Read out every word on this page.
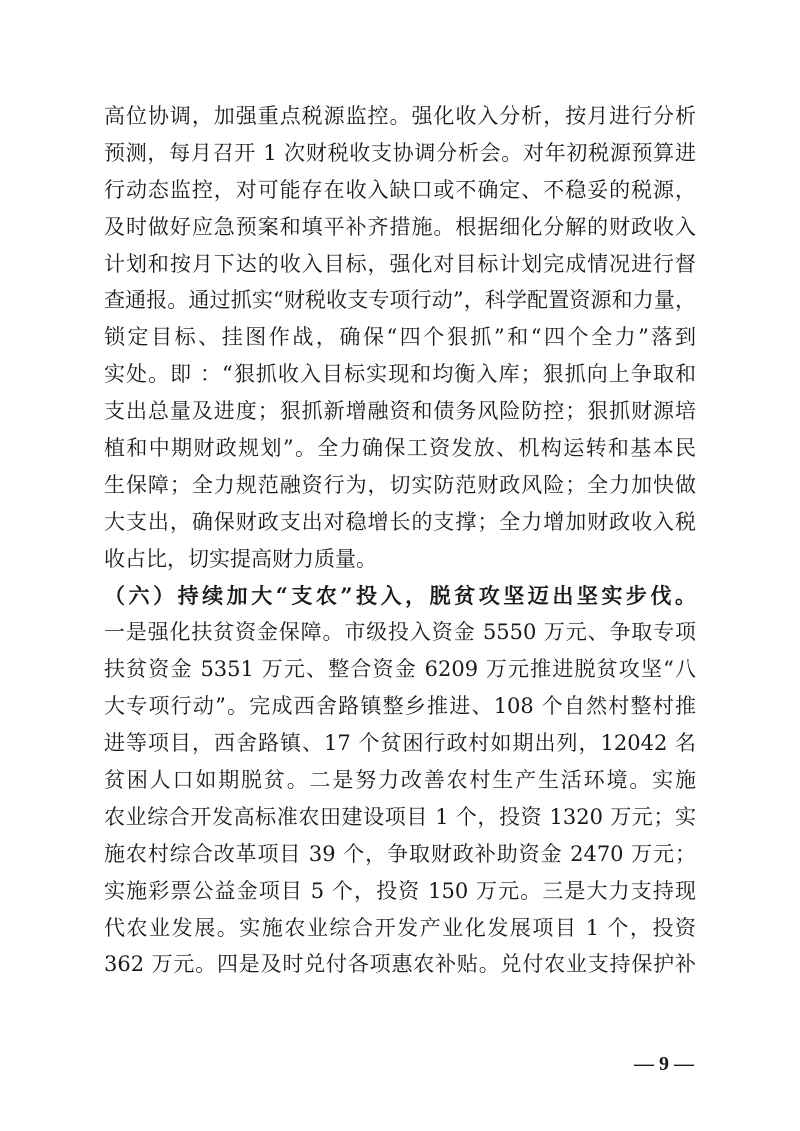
高位协调，加强重点税源监控。强化收入分析，按月进行分析
预测，每月召开 1 次财税收支协调分析会。对年初税源预算进
行动态监控，对可能存在收入缺口或不确定、不稳妥的税源，
及时做好应急预案和填平补齐措施。根据细化分解的财政收入
计划和按月下达的收入目标，强化对目标计划完成情况进行督
查通报。通过抓实“财税收支专项行动”，科学配置资源和力量，
锁定目标、挂图作战，确保“四个狠抓”和“四个全力”落到
实处。即 ：“狠抓收入目标实现和均衡入库；狠抓向上争取和
支出总量及进度；狠抓新增融资和债务风险防控；狠抓财源培
植和中期财政规划”。全力确保工资发放、机构运转和基本民
生保障；全力规范融资行为，切实防范财政风险；全力加快做
大支出，确保财政支出对稳增长的支撑；全力增加财政收入税
收占比，切实提高财力质量。
（六）持续加大“支农”投入，脱贫攻坚迈出坚实步伐。
一是强化扶贫资金保障。市级投入资金 5550 万元、争取专项
扶贫资金 5351 万元、整合资金 6209 万元推进脱贫攻坚“八
大专项行动”。完成西舍路镇整乡推进、108 个自然村整村推
进等项目，西舍路镇、17 个贫困行政村如期出列，12042 名
贫困人口如期脱贫。二是努力改善农村生产生活环境。实施
农业综合开发高标准农田建设项目 1 个，投资 1320 万元；实
施农村综合改革项目 39 个，争取财政补助资金 2470 万元；
实施彩票公益金项目 5 个，投资 150 万元。三是大力支持现
代农业发展。实施农业综合开发产业化发展项目 1 个，投资
362 万元。四是及时兑付各项惠农补贴。兑付农业支持保护补
— 9 —
